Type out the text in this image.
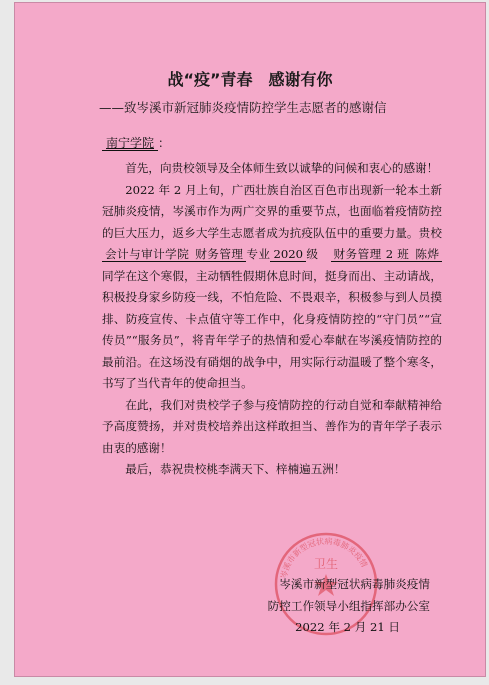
战“疫”青春　感谢有你
——致岑溪市新冠肺炎疫情防控学生志愿者的感谢信
南宁学院 ：

首先，向贵校领导及全体师生致以诚挚的问候和衷心的感谢！

2022 年 2 月上旬，广西壮族自治区百色市出现新一轮本土新冠肺炎疫情，岑溪市作为两广交界的重要节点，也面临着疫情防控的巨大压力，返乡大学生志愿者成为抗疫队伍中的重要力量。贵校会计与审计学院 财务管理 专业 2020 级　 财务管理 2 班 陈烨同学在这个寒假，主动牺牲假期休息时间，挺身而出、主动请战，积极投身家乡防疫一线，不怕危险、不畏艰辛，积极参与到人员摸排、防疫宣传、卡点值守等工作中，化身疫情防控的“守门员”“宣传员”“服务员”，将青年学子的热情和爱心奉献在岑溪疫情防控的最前沿。在这场没有硝烟的战争中，用实际行动温暖了整个寒冬，书写了当代青年的使命担当。

在此，我们对贵校学子参与疫情防控的行动自觉和奉献精神给予高度赞扬，并对贵校培养出这样敢担当、善作为的青年学子表示由衷的感谢！

最后，恭祝贵校桃李满天下、梓楠遍五洲！

岑溪市新型冠状病毒肺炎疫情
卫生
岑溪市新型冠状病毒肺炎疫情
防控工作领导小组指挥部办公室
2022 年 2 月 21 日
